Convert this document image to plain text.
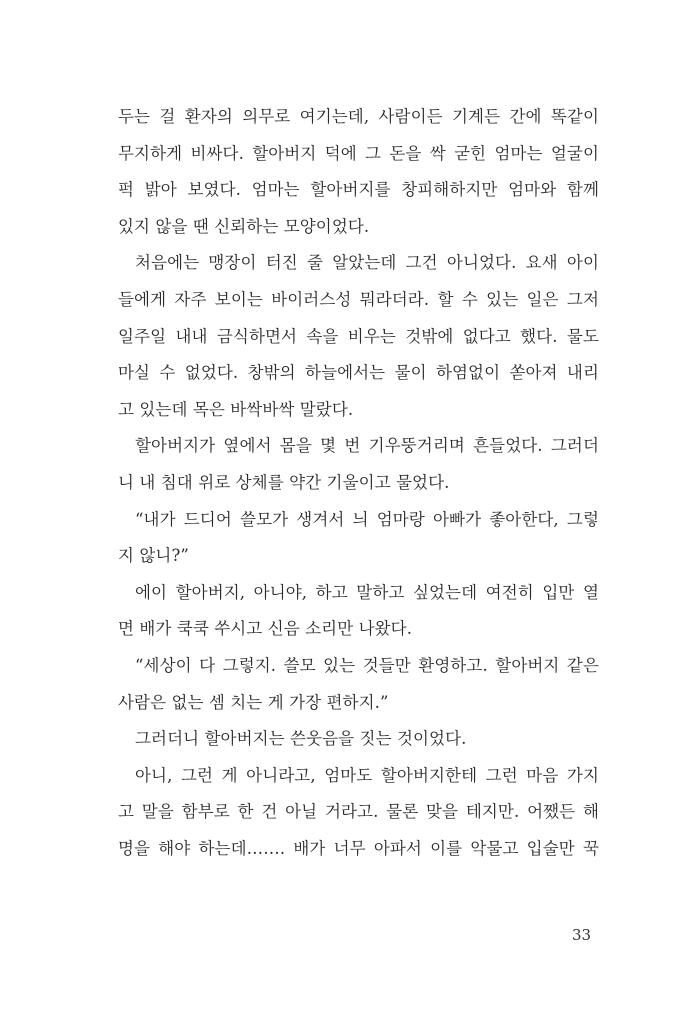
두는 걸 환자의 의무로 여기는데, 사람이든 기계든 간에 똑같이
무지하게 비싸다. 할아버지 덕에 그 돈을 싹 굳힌 엄마는 얼굴이
퍽 밝아 보였다. 엄마는 할아버지를 창피해하지만 엄마와 함께
있지 않을 땐 신뢰하는 모양이었다.
처음에는 맹장이 터진 줄 알았는데 그건 아니었다. 요새 아이
들에게 자주 보이는 바이러스성 뭐라더라. 할 수 있는 일은 그저
일주일 내내 금식하면서 속을 비우는 것밖에 없다고 했다. 물도
마실 수 없었다. 창밖의 하늘에서는 물이 하염없이 쏟아져 내리
고 있는데 목은 바싹바싹 말랐다.
할아버지가 옆에서 몸을 몇 번 기우뚱거리며 흔들었다. 그러더
니 내 침대 위로 상체를 약간 기울이고 물었다.
“내가 드디어 쓸모가 생겨서 늬 엄마랑 아빠가 좋아한다, 그렇
지 않니?”
에이 할아버지, 아니야, 하고 말하고 싶었는데 여전히 입만 열
면 배가 쿡쿡 쑤시고 신음 소리만 나왔다.
“세상이 다 그렇지. 쓸모 있는 것들만 환영하고. 할아버지 같은
사람은 없는 셈 치는 게 가장 편하지.”
그러더니 할아버지는 쓴웃음을 짓는 것이었다.
아니, 그런 게 아니라고, 엄마도 할아버지한테 그런 마음 가지
고 말을 함부로 한 건 아닐 거라고. 물론 맞을 테지만. 어쨌든 해
명을 해야 하는데……. 배가 너무 아파서 이를 악물고 입술만 꾹
33
